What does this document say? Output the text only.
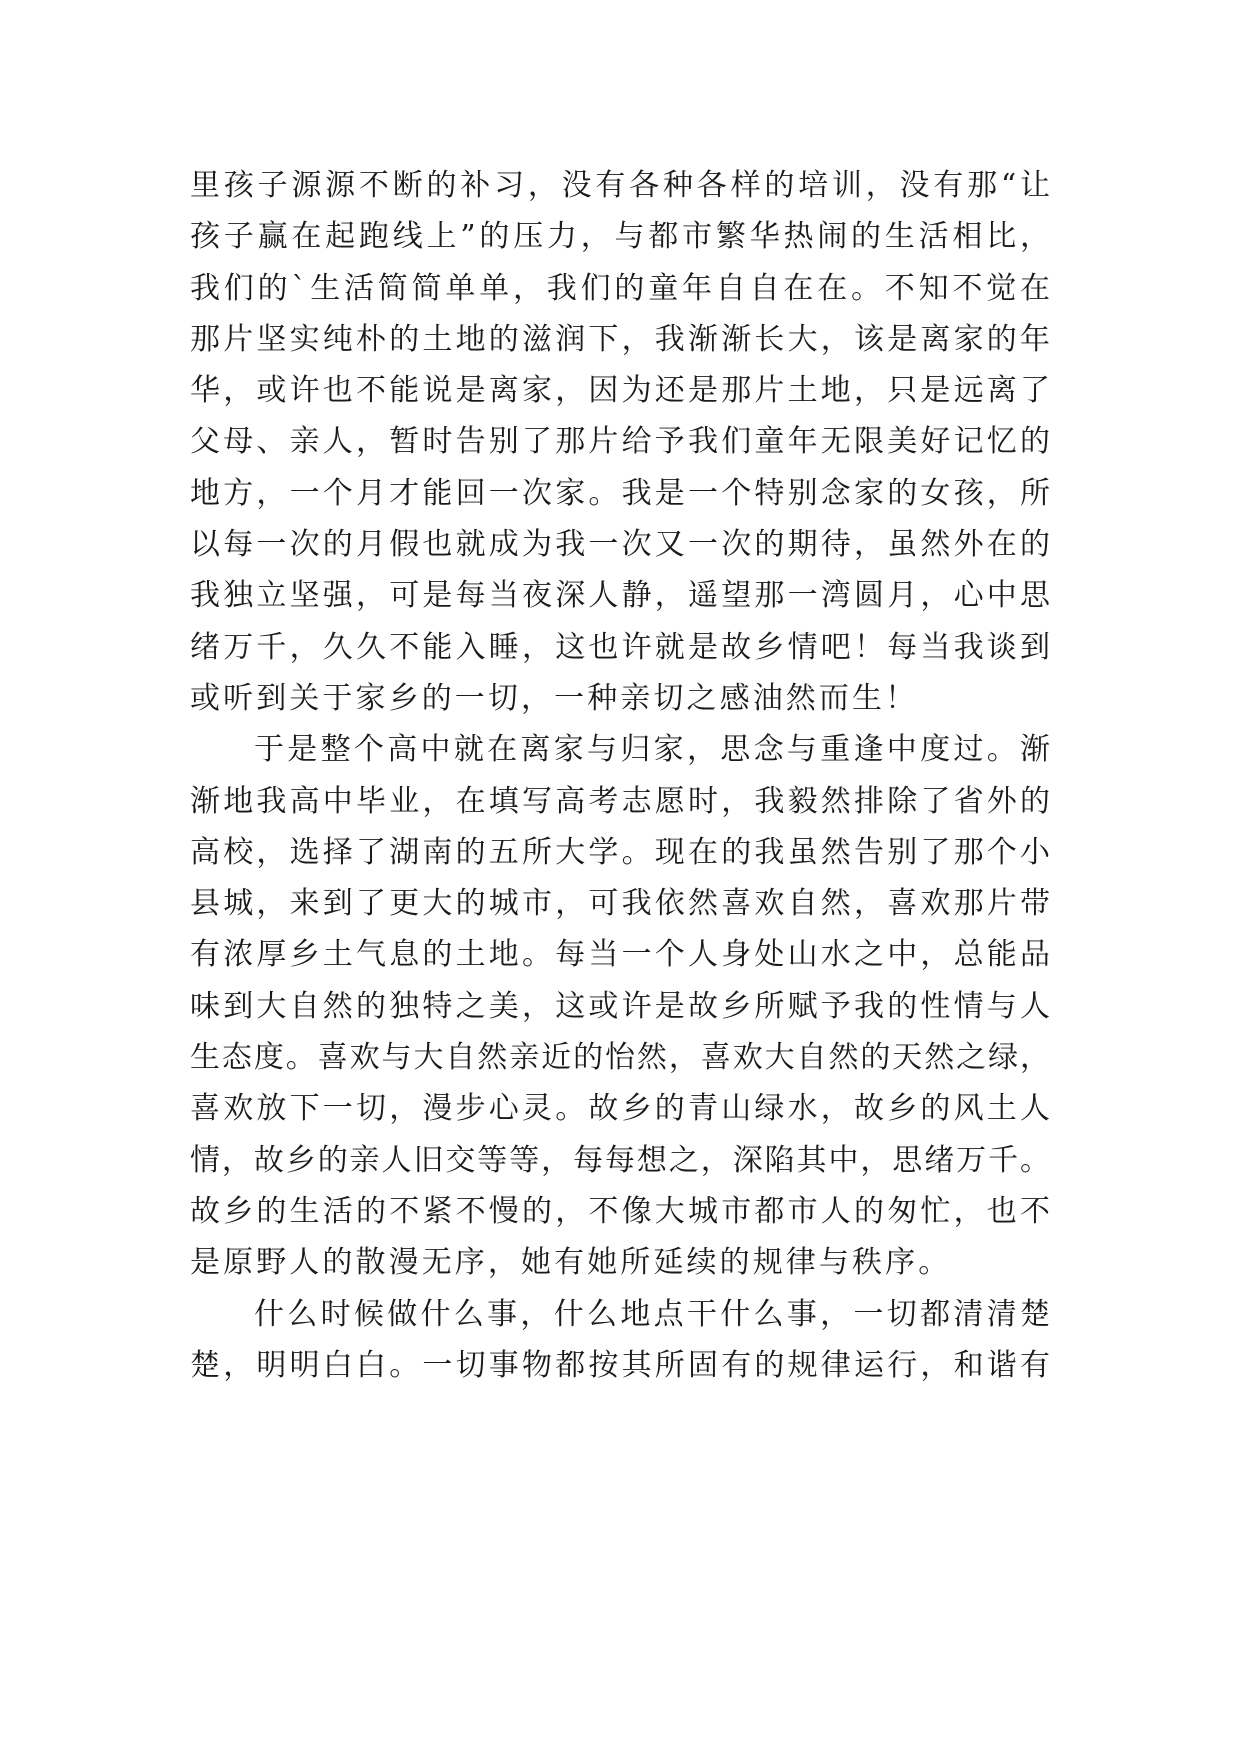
里孩子源源不断的补习，没有各种各样的培训，没有那“让
孩子赢在起跑线上”的压力，与都市繁华热闹的生活相比，
我们的`生活简简单单，我们的童年自自在在。不知不觉在
那片坚实纯朴的土地的滋润下，我渐渐长大，该是离家的年
华，或许也不能说是离家，因为还是那片土地，只是远离了
父母、亲人，暂时告别了那片给予我们童年无限美好记忆的
地方，一个月才能回一次家。我是一个特别念家的女孩，所
以每一次的月假也就成为我一次又一次的期待，虽然外在的
我独立坚强，可是每当夜深人静，遥望那一湾圆月，心中思
绪万千，久久不能入睡，这也许就是故乡情吧！每当我谈到
或听到关于家乡的一切，一种亲切之感油然而生！
于是整个高中就在离家与归家，思念与重逢中度过。渐
渐地我高中毕业，在填写高考志愿时，我毅然排除了省外的
高校，选择了湖南的五所大学。现在的我虽然告别了那个小
县城，来到了更大的城市，可我依然喜欢自然，喜欢那片带
有浓厚乡土气息的土地。每当一个人身处山水之中，总能品
味到大自然的独特之美，这或许是故乡所赋予我的性情与人
生态度。喜欢与大自然亲近的怡然，喜欢大自然的天然之绿，
喜欢放下一切，漫步心灵。故乡的青山绿水，故乡的风土人
情，故乡的亲人旧交等等，每每想之，深陷其中，思绪万千。
故乡的生活的不紧不慢的，不像大城市都市人的匆忙，也不
是原野人的散漫无序，她有她所延续的规律与秩序。
什么时候做什么事，什么地点干什么事，一切都清清楚
楚，明明白白。一切事物都按其所固有的规律运行，和谐有
